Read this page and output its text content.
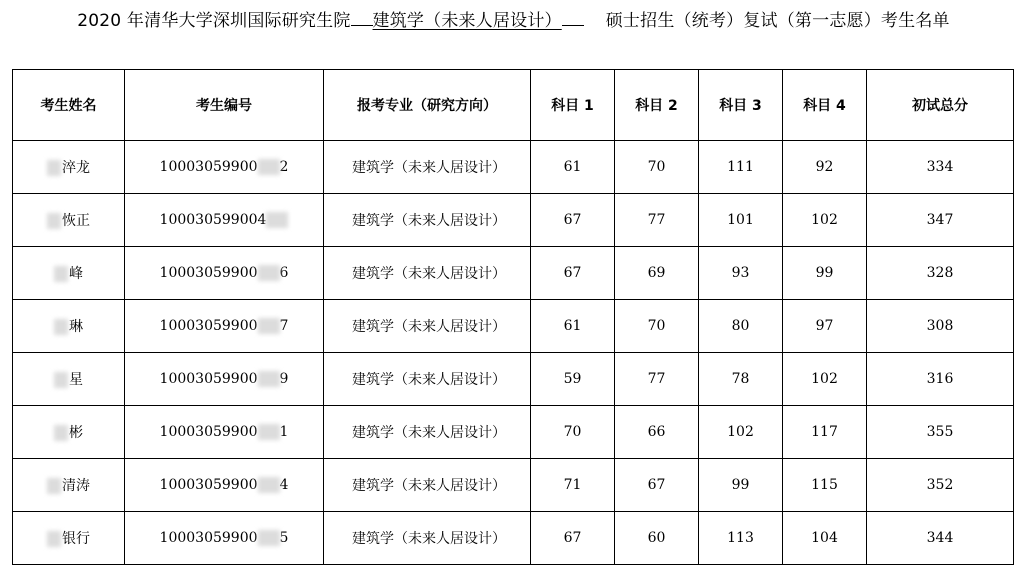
2020 年清华大学深圳国际研究生院 建筑学（未来人居设计）	硕士招生（统考）复试（第一志愿）考生名单
考生姓名	考生编号	报考专业（研究方向）	科目 1	科目 2	科目 3	科目 4	初试总分
淬龙	10003059900 2	建筑学（未来人居设计）	61	70	111	92	334
恢正	100030599004	建筑学（未来人居设计）	67	77	101	102	347
峰	10003059900 6	建筑学（未来人居设计）	67	69	93	99	328
琳	10003059900 7	建筑学（未来人居设计）	61	70	80	97	308
星	10003059900 9	建筑学（未来人居设计）	59	77	78	102	316
彬	10003059900 1	建筑学（未来人居设计）	70	66	102	117	355
清涛	10003059900 4	建筑学（未来人居设计）	71	67	99	115	352
银行	10003059900 5	建筑学（未来人居设计）	67	60	113	104	344
